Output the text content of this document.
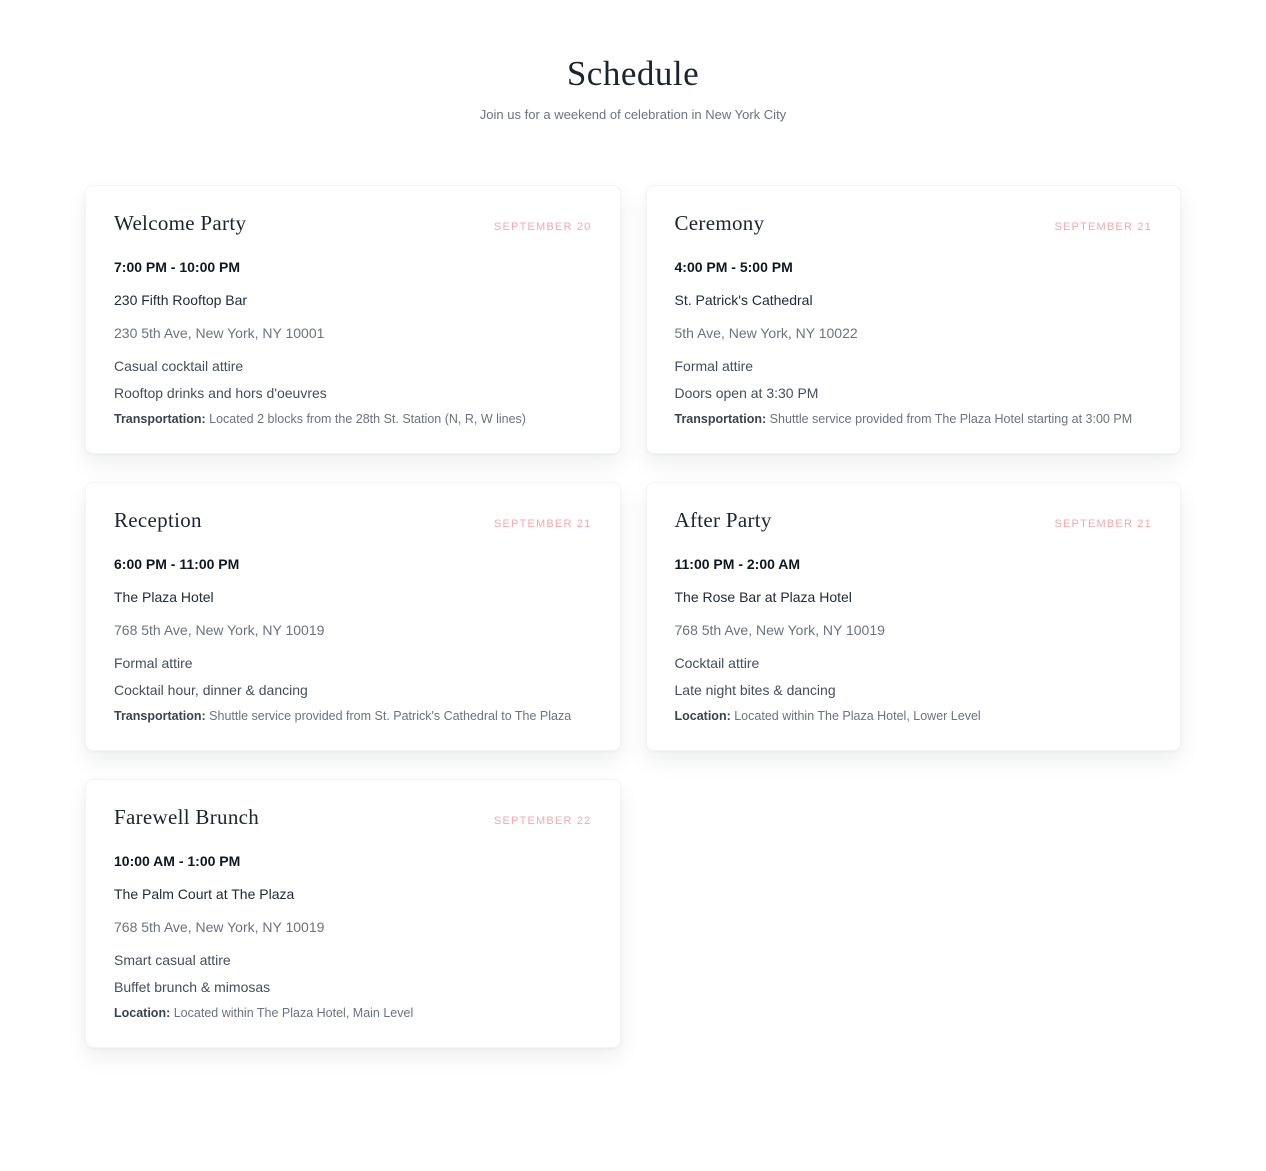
Schedule

Join us for a weekend of celebration in New York City

Welcome Party	SEPTEMBER 20

7:00 PM - 10:00 PM

230 Fifth Rooftop Bar

230 5th Ave, New York, NY 10001

Casual cocktail attire

Rooftop drinks and hors d'oeuvres

Transportation: Located 2 blocks from the 28th St. Station (N, R, W lines)

Ceremony	SEPTEMBER 21

4:00 PM - 5:00 PM

St. Patrick's Cathedral

5th Ave, New York, NY 10022

Formal attire

Doors open at 3:30 PM

Transportation: Shuttle service provided from The Plaza Hotel starting at 3:00 PM

Reception	SEPTEMBER 21

6:00 PM - 11:00 PM

The Plaza Hotel

768 5th Ave, New York, NY 10019

Formal attire

Cocktail hour, dinner & dancing

Transportation: Shuttle service provided from St. Patrick's Cathedral to The Plaza

After Party	SEPTEMBER 21

11:00 PM - 2:00 AM

The Rose Bar at Plaza Hotel

768 5th Ave, New York, NY 10019

Cocktail attire

Late night bites & dancing

Location: Located within The Plaza Hotel, Lower Level

Farewell Brunch	SEPTEMBER 22

10:00 AM - 1:00 PM

The Palm Court at The Plaza

768 5th Ave, New York, NY 10019

Smart casual attire

Buffet brunch & mimosas

Location: Located within The Plaza Hotel, Main Level
